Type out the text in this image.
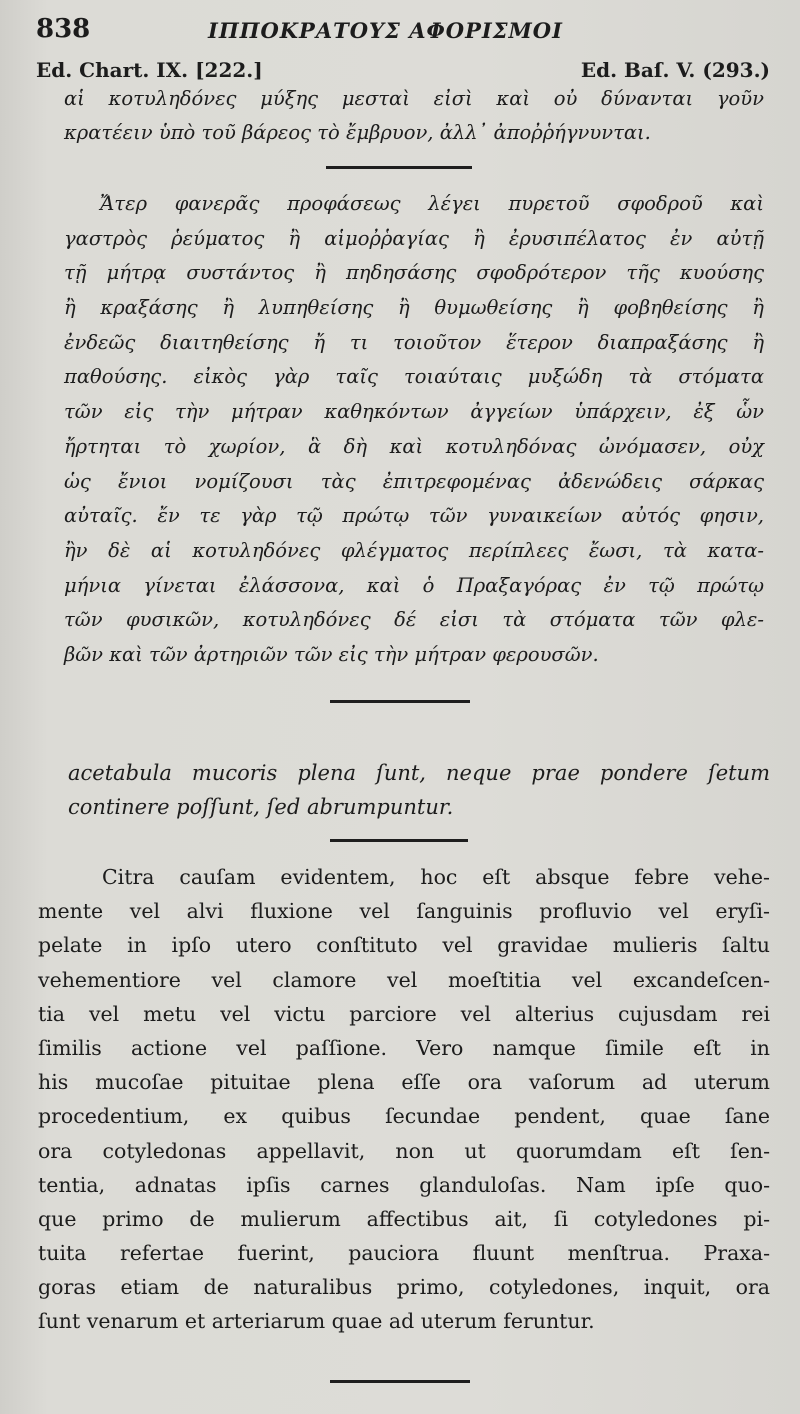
838	ΙΠΠΟΚΡΑΤΟΥΣ ΑΦΟΡΙΣΜΟΙ
Ed. Chart. IX. [222.]	Ed. Baſ. V. (293.)
αἱ κοτυληδόνες μύξης μεσταὶ εἰσὶ καὶ οὐ δύνανται γοῦν
κρατέειν ὑπὸ τοῦ βάρεος τὸ ἔμβρυον, ἀλλ᾽ ἀποῤῥήγνυνται.
Ἄτερ φανερᾶς προφάσεως λέγει πυρετοῦ σφοδροῦ καὶ
γαστρὸς ῥεύματος ἢ αἱμοῤῥαγίας ἢ ἐρυσιπέλατος ἐν αὐτῇ
τῇ μήτρᾳ συστάντος ἢ πηδησάσης σφοδρότερον τῆς κυούσης
ἢ κραξάσης ἢ λυπηθείσης ἢ θυμωθείσης ἢ φοβηθείσης ἢ
ἐνδεῶς διαιτηθείσης ἤ τι τοιοῦτον ἕτερον διαπραξάσης ἢ
παθούσης. εἰκὸς γὰρ ταῖς τοιαύταις μυξώδη τὰ στόματα
τῶν εἰς τὴν μήτραν καθηκόντων ἀγγείων ὑπάρχειν, ἐξ ὧν
ἤρτηται τὸ χωρίον, ἃ δὴ καὶ κοτυληδόνας ὠνόμασεν, οὐχ
ὡς ἔνιοι νομίζουσι τὰς ἐπιτρεφομένας ἀδενώδεις σάρκας
αὐταῖς. ἔν τε γὰρ τῷ πρώτῳ τῶν γυναικείων αὐτός φησιν,
ἢν δὲ αἱ κοτυληδόνες φλέγματος περίπλεες ἔωσι, τὰ κατα-
μήνια γίνεται ἐλάσσονα, καὶ ὁ Πραξαγόρας ἐν τῷ πρώτῳ
τῶν φυσικῶν, κοτυληδόνες δέ εἰσι τὰ στόματα τῶν φλε-
βῶν καὶ τῶν ἀρτηριῶν τῶν εἰς τὴν μήτραν φερουσῶν.
acetabula mucoris plena ſunt, neque prae pondere ſetum
continere poſſunt, ſed abrumpuntur.
Citra cauſam evidentem, hoc eſt absque febre vehe-
mente vel alvi fluxione vel ſanguinis profluvio vel eryſi-
pelate in ipſo utero conſtituto vel gravidae mulieris ſaltu
vehementiore vel clamore vel moeſtitia vel excandeſcen-
tia vel metu vel victu parciore vel alterius cujusdam rei
ſimilis actione vel paſſione. Vero namque ſimile eſt in
his mucoſae pituitae plena eſſe ora vaſorum ad uterum
procedentium, ex quibus ſecundae pendent, quae ſane
ora cotyledonas appellavit, non ut quorumdam eſt ſen-
tentia, adnatas ipſis carnes glanduloſas. Nam ipſe quo-
que primo de mulierum affectibus ait, ſi cotyledones pi-
tuita refertae fuerint, pauciora fluunt menſtrua. Praxa-
goras etiam de naturalibus primo, cotyledones, inquit, ora
ſunt venarum et arteriarum quae ad uterum feruntur.
